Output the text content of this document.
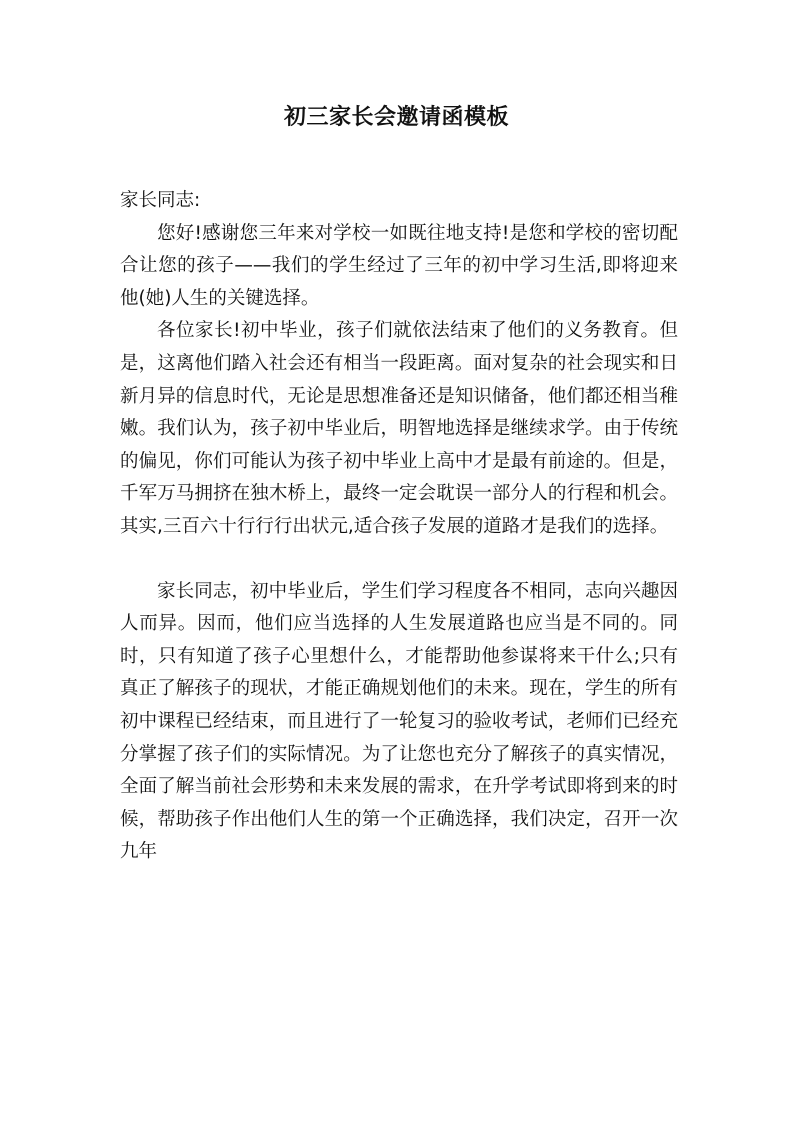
初三家长会邀请函模板

家长同志:

您好!感谢您三年来对学校一如既往地支持!是您和学校的密切配合让您的孩子——我们的学生经过了三年的初中学习生活,即将迎来他(她)人生的关键选择。

各位家长!初中毕业，孩子们就依法结束了他们的义务教育。但是，这离他们踏入社会还有相当一段距离。面对复杂的社会现实和日新月异的信息时代，无论是思想准备还是知识储备，他们都还相当稚嫩。我们认为，孩子初中毕业后，明智地选择是继续求学。由于传统的偏见，你们可能认为孩子初中毕业上高中才是最有前途的。但是，千军万马拥挤在独木桥上，最终一定会耽误一部分人的行程和机会。其实,三百六十行行行出状元,适合孩子发展的道路才是我们的选择。

家长同志，初中毕业后，学生们学习程度各不相同，志向兴趣因人而异。因而，他们应当选择的人生发展道路也应当是不同的。同时，只有知道了孩子心里想什么，才能帮助他参谋将来干什么;只有真正了解孩子的现状，才能正确规划他们的未来。现在，学生的所有初中课程已经结束，而且进行了一轮复习的验收考试，老师们已经充分掌握了孩子们的实际情况。为了让您也充分了解孩子的真实情况，全面了解当前社会形势和未来发展的需求，在升学考试即将到来的时候，帮助孩子作出他们人生的第一个正确选择，我们决定，召开一次九年
